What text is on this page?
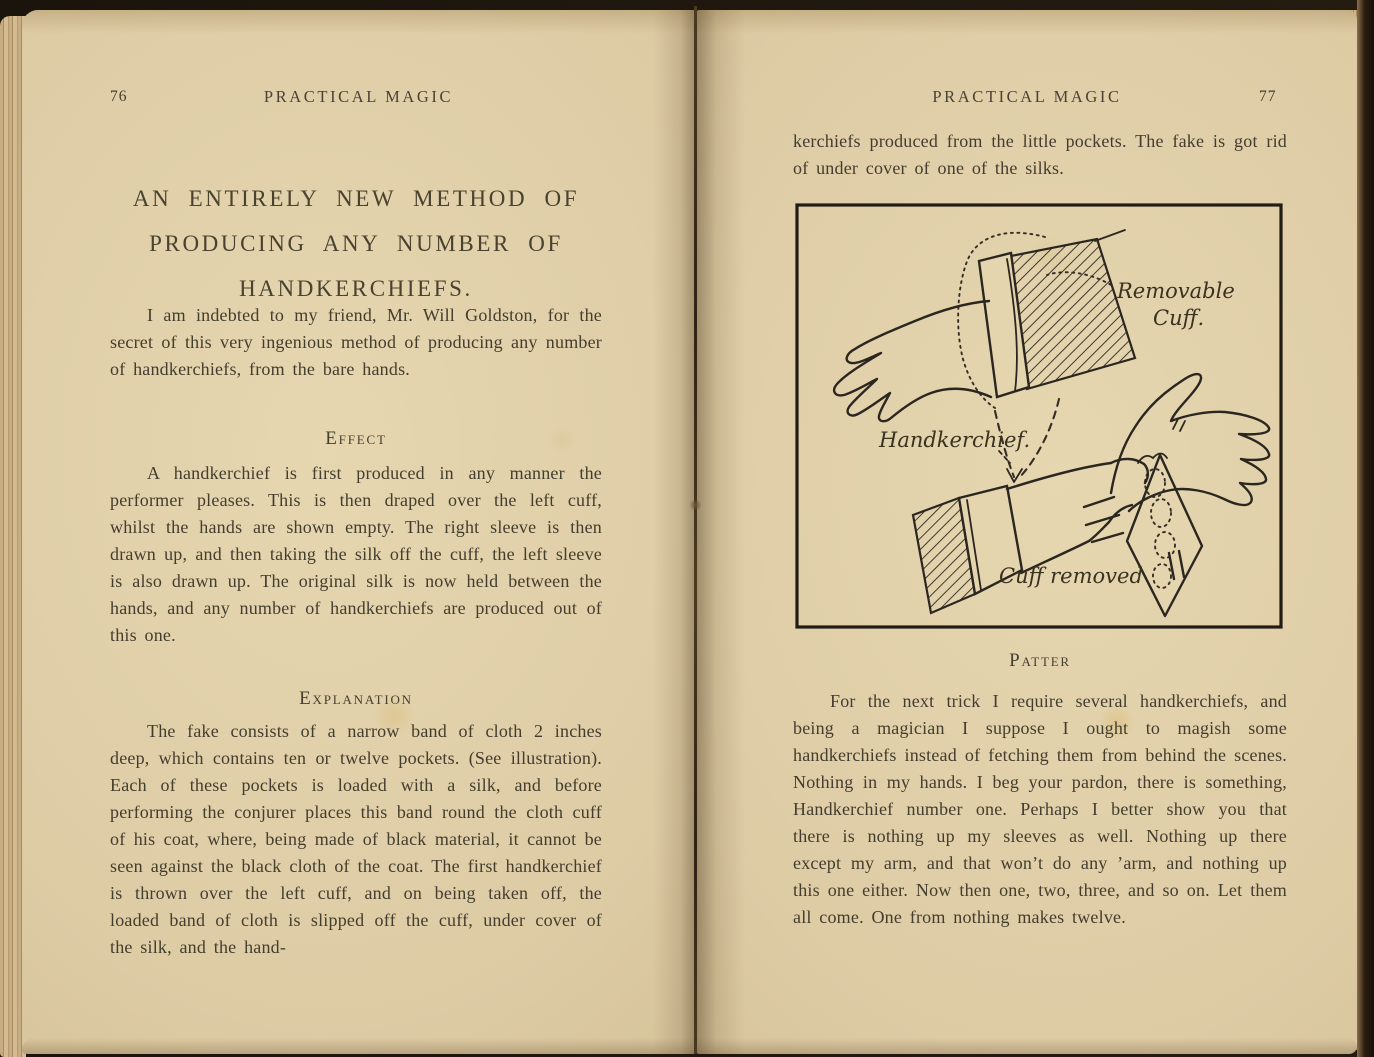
76	PRACTICAL MAGIC
AN ENTIRELY NEW METHOD OF
PRODUCING ANY NUMBER OF
HANDKERCHIEFS.

I am indebted to my friend, Mr. Will Goldston, for the secret of this very ingenious method of producing any number of handkerchiefs, from the bare hands.

Effect

A handkerchief is first produced in any manner the performer pleases. This is then draped over the left cuff, whilst the hands are shown empty. The right sleeve is then drawn up, and then taking the silk off the cuff, the left sleeve is also drawn up. The original silk is now held between the hands, and any number of handkerchiefs are produced out of this one.

Explanation

The fake consists of a narrow band of cloth 2 inches deep, which contains ten or twelve pockets. (See illustration). Each of these pockets is loaded with a silk, and before performing the conjurer places this band round the cloth cuff of his coat, where, being made of black material, it cannot be seen against the black cloth of the coat. The first handkerchief is thrown over the left cuff, and on being taken off, the loaded band of cloth is slipped off the cuff, under cover of the silk, and the hand-

PRACTICAL MAGIC	77

kerchiefs produced from the little pockets. The fake is got rid of under cover of one of the silks.

Removable
Cuff.
Handkerchief.
Cuff removed
Patter

For the next trick I require several handkerchiefs, and being a magician I suppose I ought to magish some handkerchiefs instead of fetching them from behind the scenes. Nothing in my hands. I beg your pardon, there is something, Handkerchief number one. Perhaps I better show you that there is nothing up my sleeves as well. Nothing up there except my arm, and that won’t do any ’arm, and nothing up this one either. Now then one, two, three, and so on. Let them all come. One from nothing makes twelve.
